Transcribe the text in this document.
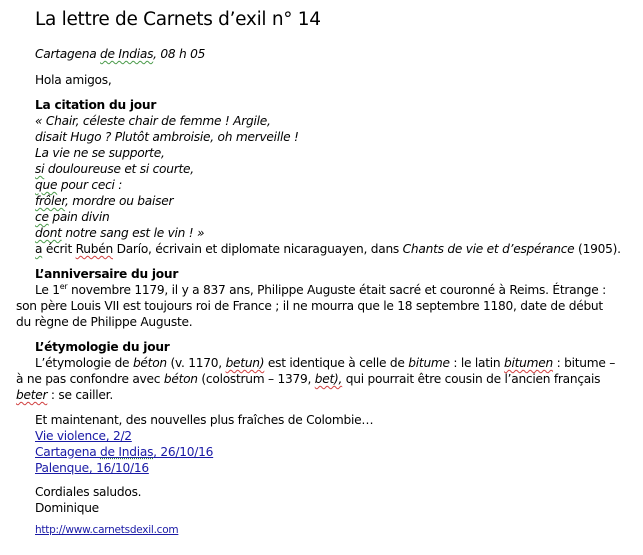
La lettre de Carnets d’exil n° 14
Cartagena de Indias, 08 h 05
Hola amigos,
La citation du jour
« Chair, céleste chair de femme ! Argile,
disait Hugo ? Plutôt ambroisie, oh merveille !
La vie ne se supporte,
si douloureuse et si courte,
que pour ceci :
frôler, mordre ou baiser
ce pain divin
dont notre sang est le vin ! »
a écrit Rubén Darío, écrivain et diplomate nicaraguayen, dans Chants de vie et d’espérance (1905).
L’anniversaire du jour
Le 1er novembre 1179, il y a 837 ans, Philippe Auguste était sacré et couronné à Reims. Étrange :
son père Louis VII est toujours roi de France ; il ne mourra que le 18 septembre 1180, date de début
du règne de Philippe Auguste.
L’étymologie du jour
L’étymologie de béton (v. 1170, betun) est identique à celle de bitume : le latin bitumen : bitume –
à ne pas confondre avec béton (colostrum – 1379, bet), qui pourrait être cousin de l’ancien français
beter : se cailler.
Et maintenant, des nouvelles plus fraîches de Colombie…
Vie violence, 2/2
Cartagena de Indias, 26/10/16
Palenque, 16/10/16
Cordiales saludos.
Dominique
http://www.carnetsdexil.com
